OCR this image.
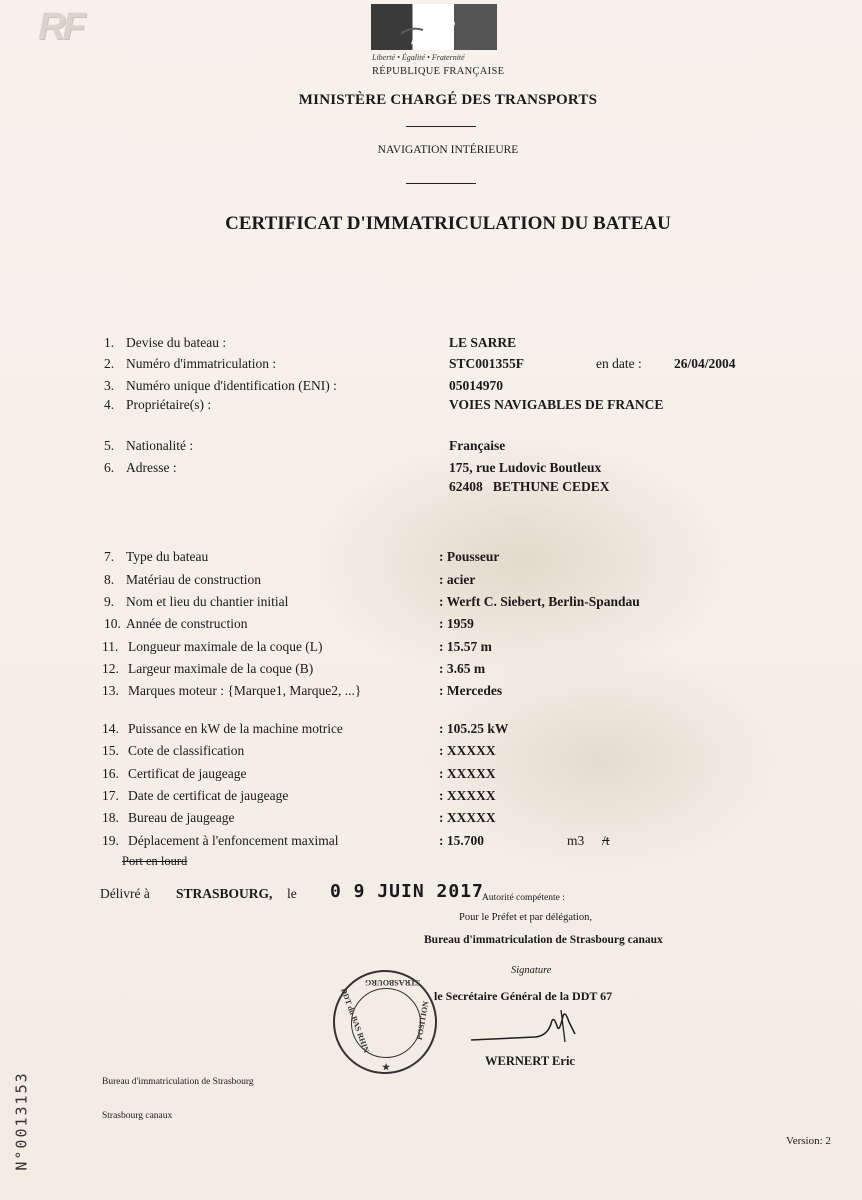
RF
Liberté • Égalité • Fraternité
RÉPUBLIQUE FRANÇAISE
MINISTÈRE CHARGÉ DES TRANSPORTS
NAVIGATION INTÉRIEURE
CERTIFICAT D'IMMATRICULATION DU BATEAU
1. Devise du bateau :	LE SARRE
2. Numéro d'immatriculation :	STC001355F	en date : 26/04/2004
3. Numéro unique d'identification (ENI) :	05014970
4. Propriétaire(s) :	VOIES NAVIGABLES DE FRANCE
5. Nationalité :	Française
6. Adresse :	175, rue Ludovic Boutleux
62408   BETHUNE CEDEX
7. Type du bateau	: Pousseur
8. Matériau de construction	: acier
9. Nom et lieu du chantier initial	: Werft C. Siebert, Berlin-Spandau
10. Année de construction	: 1959
11. Longueur maximale de la coque (L)	: 15.57 m
12. Largeur maximale de la coque (B)	: 3.65 m
13. Marques moteur : {Marque1, Marque2, ...}	: Mercedes
14. Puissance en kW de la machine motrice	: 105.25 kW
15. Cote de classification	: XXXXX
16. Certificat de jaugeage	: XXXXX
17. Date de certificat de jaugeage	: XXXXX
18. Bureau de jaugeage	: XXXXX
19. Déplacement à l'enfoncement maximal	: 15.700	m3 /t
Port en lourd
Délivré à STRASBOURG, le 0 9 JUIN 2017
Autorité compétente :
Pour le Préfet et par délégation,
Bureau d'immatriculation de Strasbourg canaux
Signature
le Secrétaire Général de la DDT 67
WERNERT Eric
STRASBOURG
DDT du BAS RHIN	POSITION
★
Bureau d'immatriculation de Strasbourg
Strasbourg canaux
Version: 2
N°0013153
